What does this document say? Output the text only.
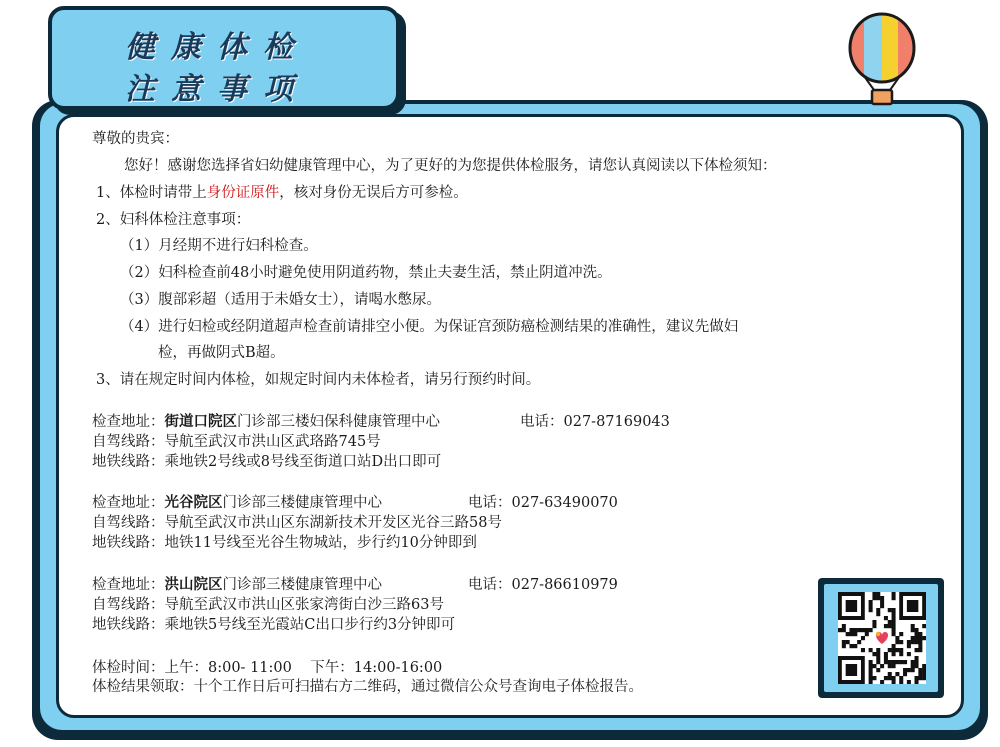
健康体检
注意事项
尊敬的贵宾：
您好！感谢您选择省妇幼健康管理中心，为了更好的为您提供体检服务，请您认真阅读以下体检须知：
1、体检时请带上身份证原件，核对身份无误后方可参检。
2、妇科体检注意事项：
（1）月经期不进行妇科检查。
（2）妇科检查前48小时避免使用阴道药物，禁止夫妻生活，禁止阴道冲洗。
（3）腹部彩超（适用于未婚女士），请喝水憋尿。
（4）进行妇检或经阴道超声检查前请排空小便。为保证宫颈防癌检测结果的准确性，建议先做妇
检，再做阴式B超。
3、请在规定时间内体检，如规定时间内未体检者，请另行预约时间。
检查地址：街道口院区门诊部三楼妇保科健康管理中心	电话：027-87169043
自驾线路：导航至武汉市洪山区武珞路745号
地铁线路：乘地铁2号线或8号线至街道口站D出口即可
检查地址：光谷院区门诊部三楼健康管理中心	电话：027-63490070
自驾线路：导航至武汉市洪山区东湖新技术开发区光谷三路58号
地铁线路：地铁11号线至光谷生物城站，步行约10分钟即到
检查地址：洪山院区门诊部三楼健康管理中心	电话：027-86610979
自驾线路：导航至武汉市洪山区张家湾街白沙三路63号
地铁线路：乘地铁5号线至光霞站C出口步行约3分钟即可
体检时间：上午：8:00- 11:00    下午：14:00-16:00
体检结果领取：十个工作日后可扫描右方二维码，通过微信公众号查询电子体检报告。
